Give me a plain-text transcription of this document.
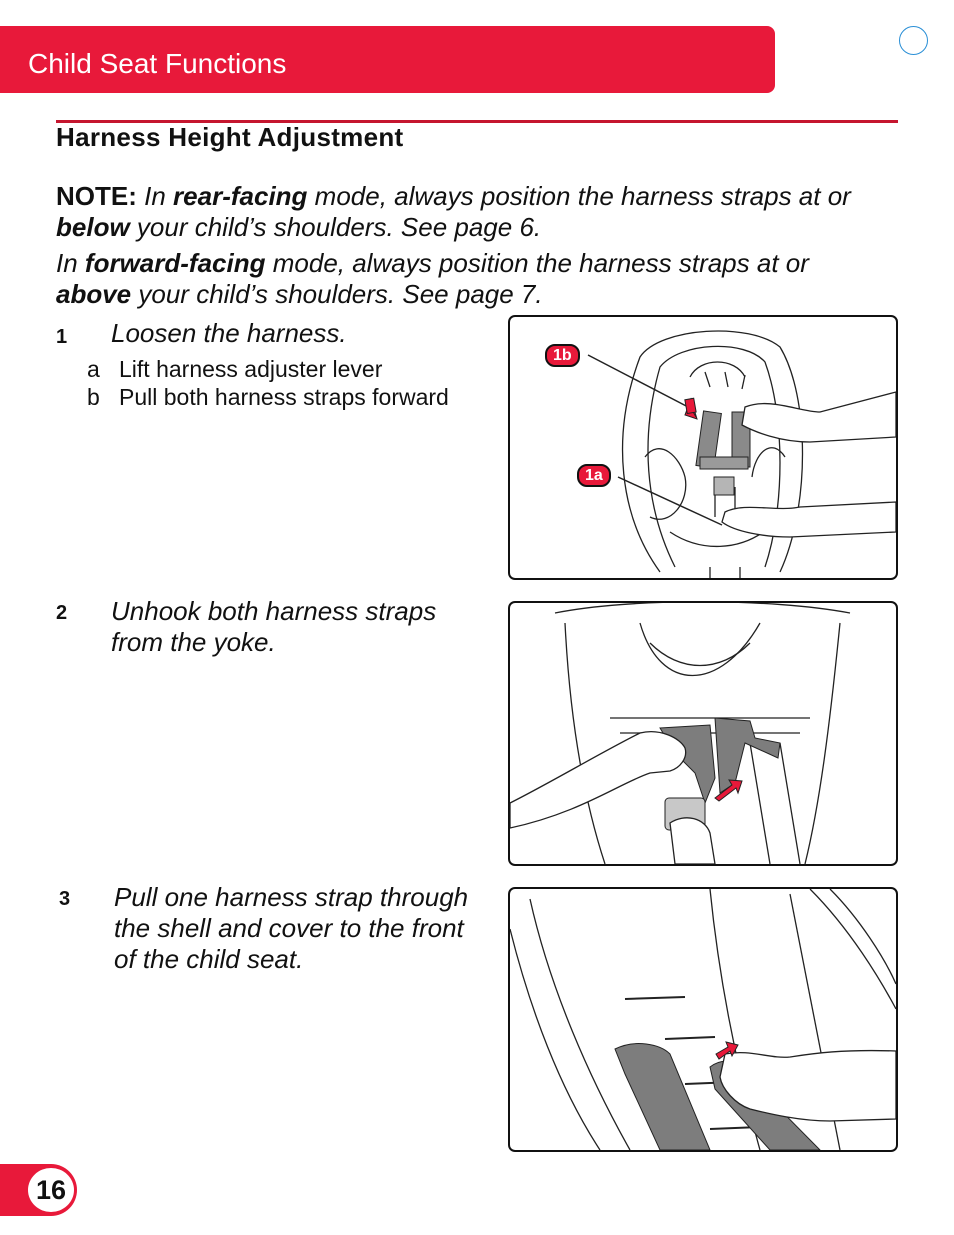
Child Seat Functions
Harness Height Adjustment
NOTE: In rear-facing mode, always position the harness straps at or
below your child’s shoulders. See page 6.
In forward-facing mode, always position the harness straps at or
above your child’s shoulders. See page 7.
1 Loosen the harness.
a Lift harness adjuster lever
b Pull both harness straps forward
1b
1a
2 Unhook both harness straps
from the yoke.
3 Pull one harness strap through
the shell and cover to the front
of the child seat.
16
